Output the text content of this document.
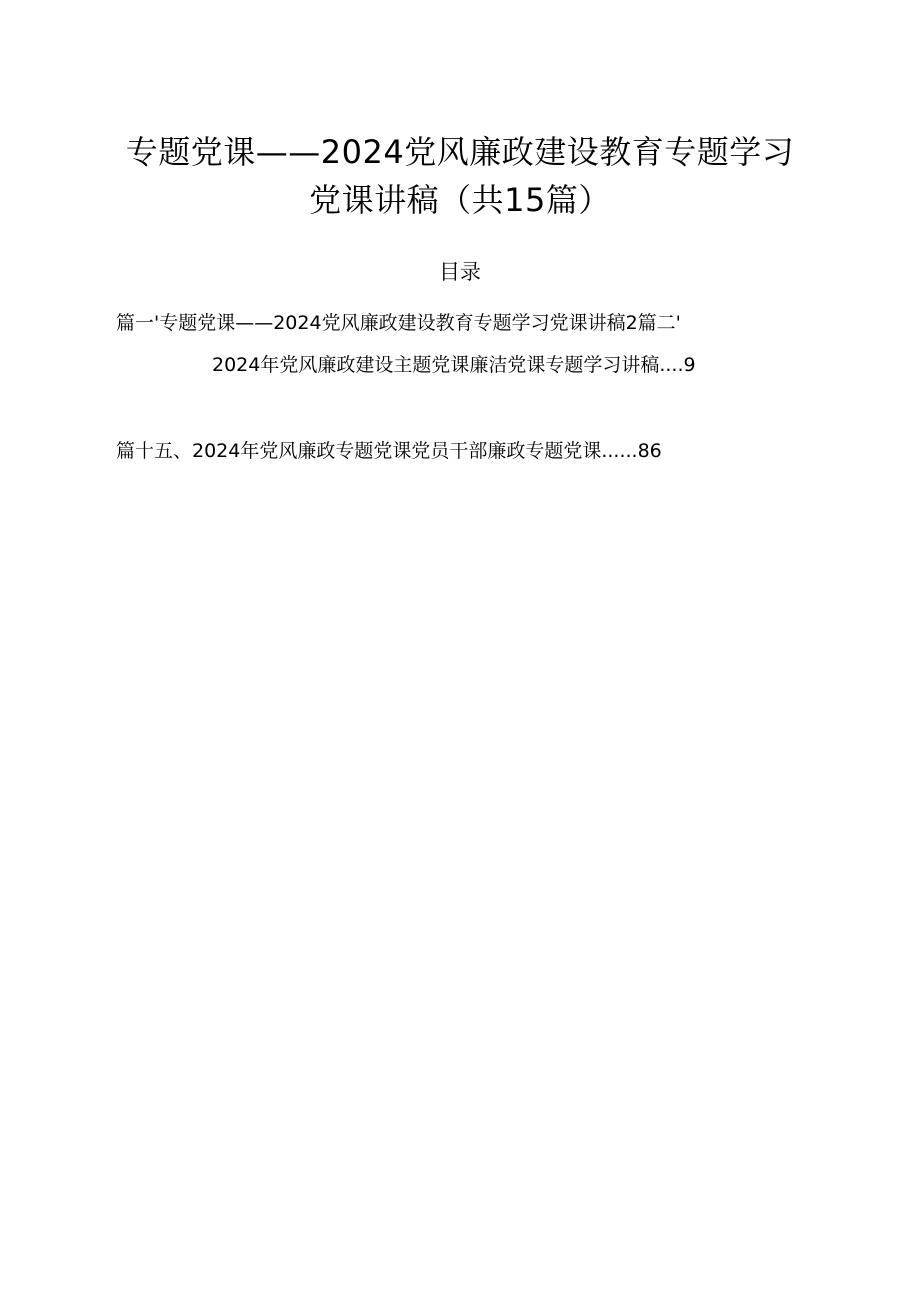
专题党课——2024党风廉政建设教育专题学习
党课讲稿（共15篇）
目录
篇一'专题党课——2024党风廉政建设教育专题学习党课讲稿2篇二'
2024年党风廉政建设主题党课廉洁党课专题学习讲稿....9
篇十五、2024年党风廉政专题党课党员干部廉政专题党课......86
